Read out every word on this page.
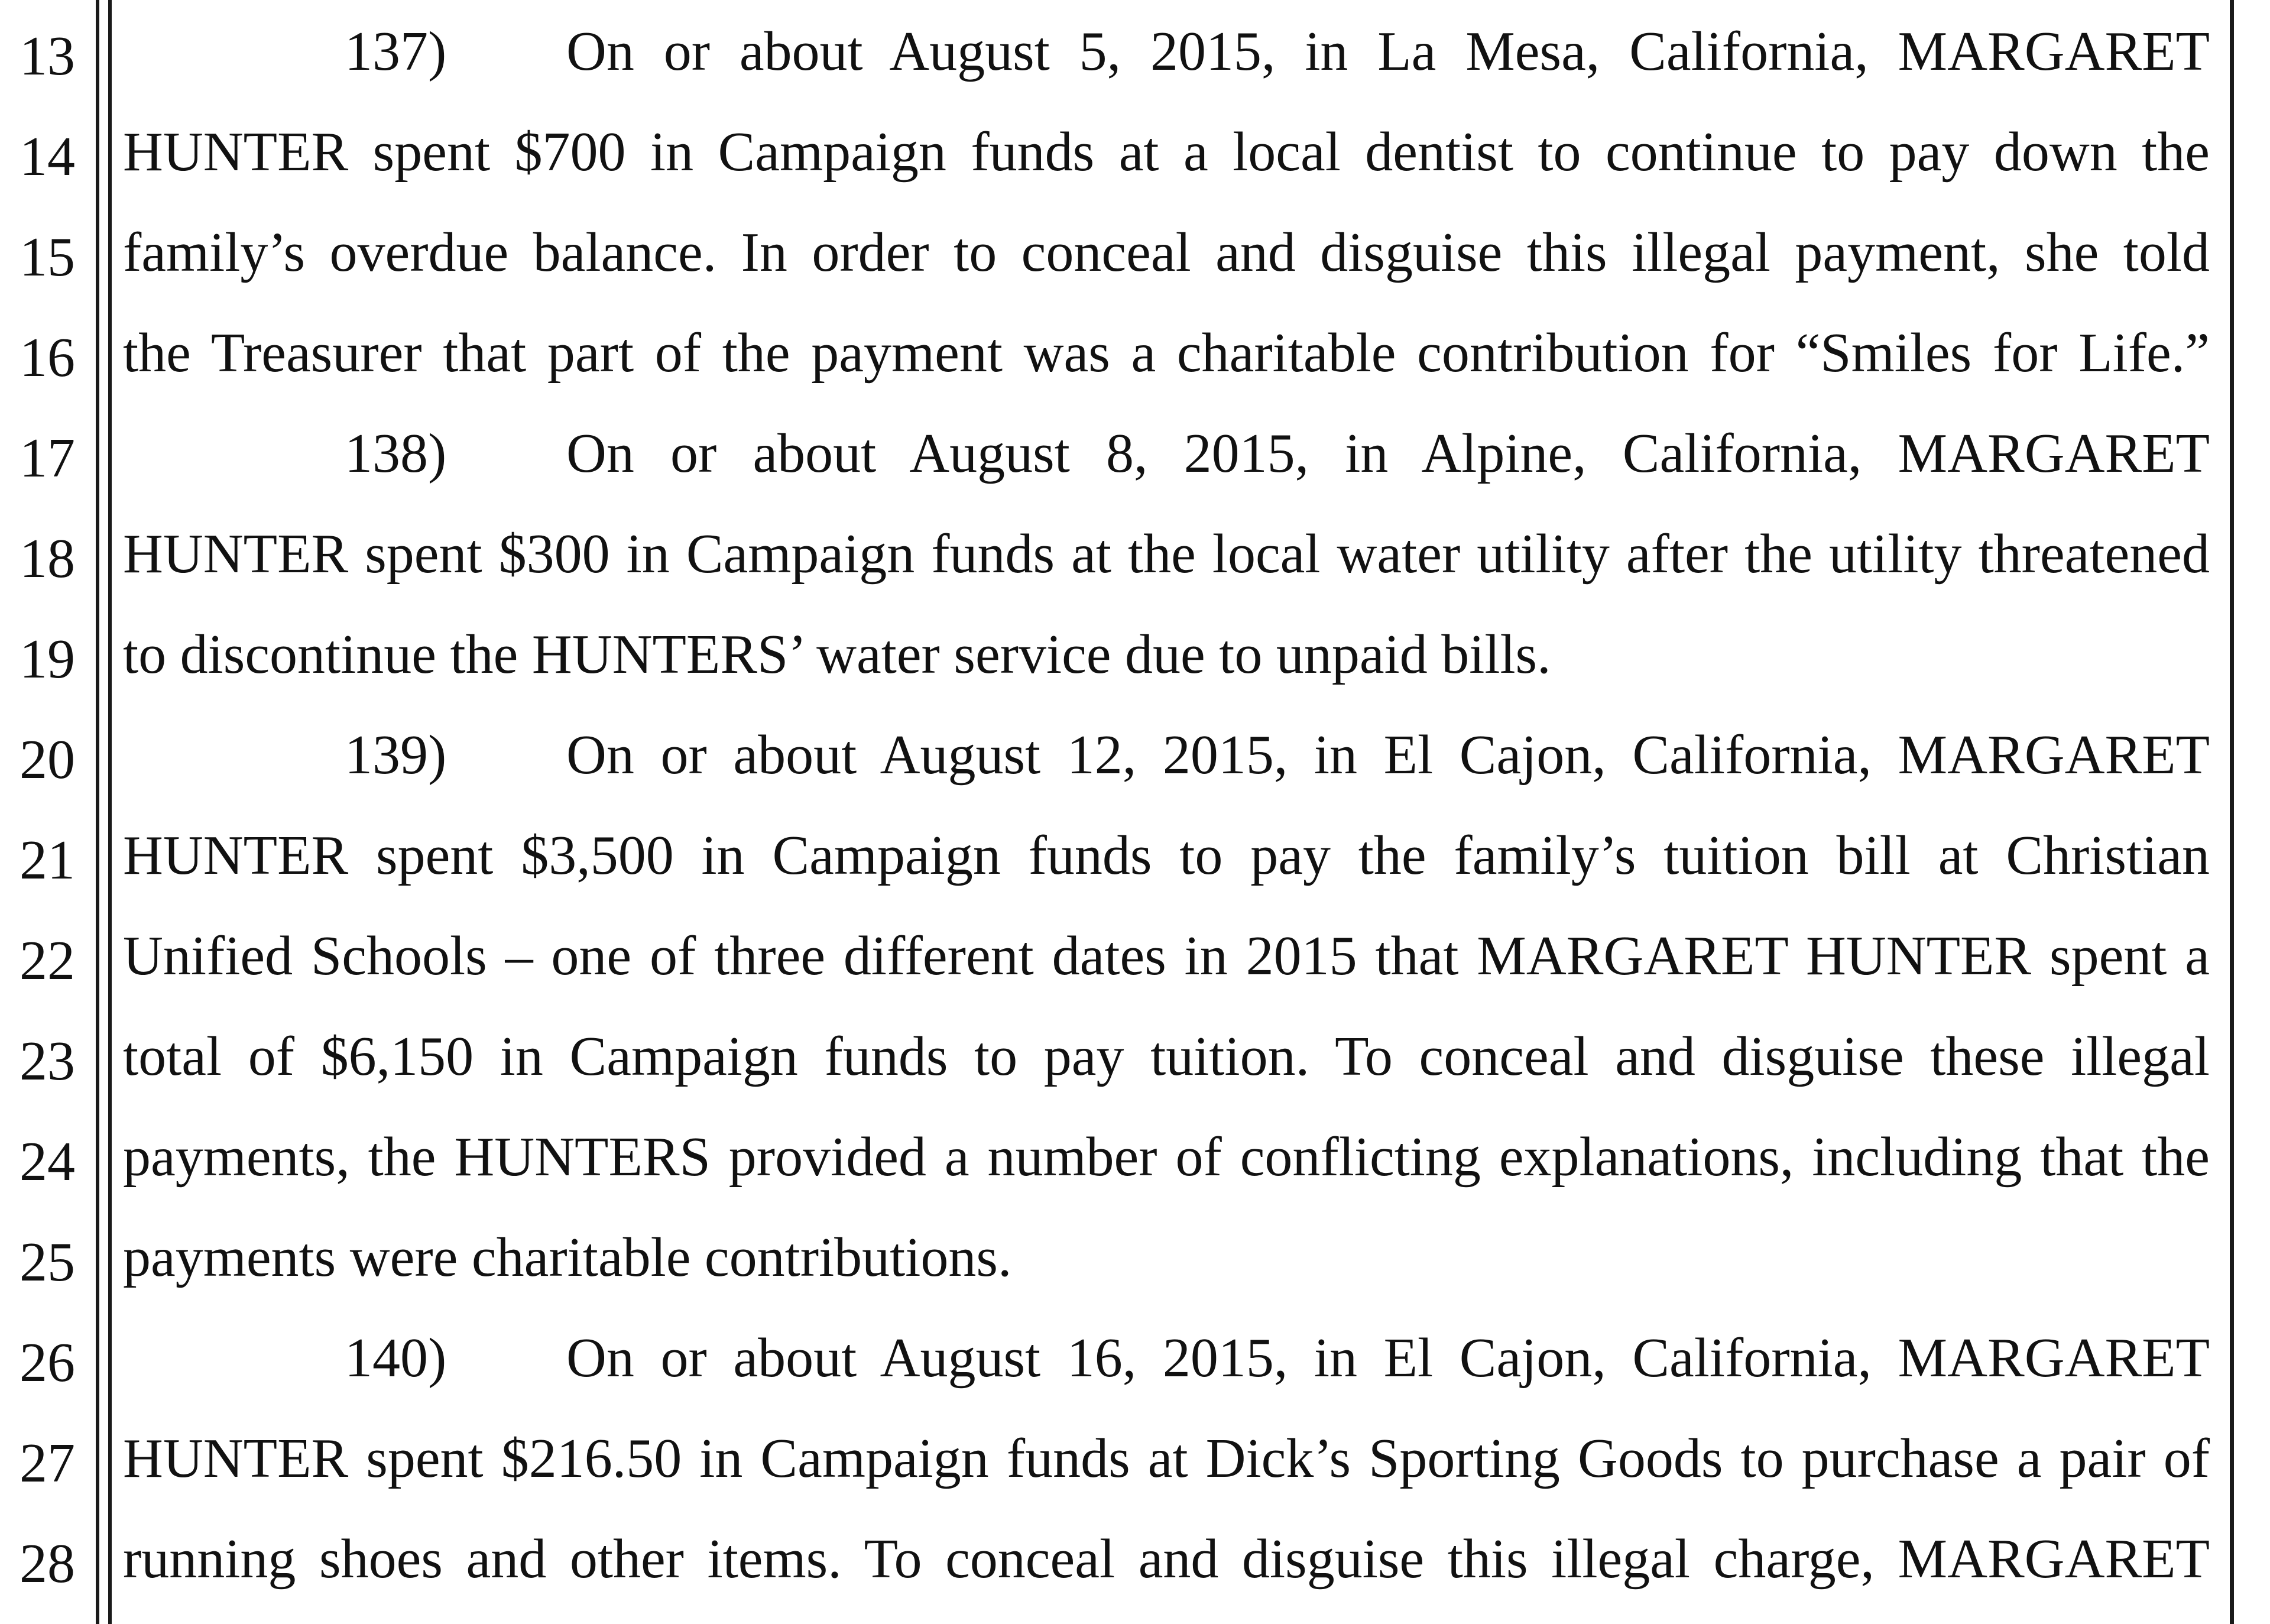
13
14
15
16
17
18
19
20
21
22
23
24
25
26
27
28
137)	On or about August 5, 2015, in La Mesa, California, MARGARET
HUNTER spent $700 in Campaign funds at a local dentist to continue to pay down the
family’s overdue balance. In order to conceal and disguise this illegal payment, she told
the Treasurer that part of the payment was a charitable contribution for “Smiles for Life.”
138)	On or about August 8, 2015, in Alpine, California, MARGARET
HUNTER spent $300 in Campaign funds at the local water utility after the utility threatened
to discontinue the HUNTERS’ water service due to unpaid bills.
139)	On or about August 12, 2015, in El Cajon, California, MARGARET
HUNTER spent $3,500 in Campaign funds to pay the family’s tuition bill at Christian
Unified Schools – one of three different dates in 2015 that MARGARET HUNTER spent a
total of $6,150 in Campaign funds to pay tuition. To conceal and disguise these illegal
payments, the HUNTERS provided a number of conflicting explanations, including that the
payments were charitable contributions.
140)	On or about August 16, 2015, in El Cajon, California, MARGARET
HUNTER spent $216.50 in Campaign funds at Dick’s Sporting Goods to purchase a pair of
running shoes and other items. To conceal and disguise this illegal charge, MARGARET
